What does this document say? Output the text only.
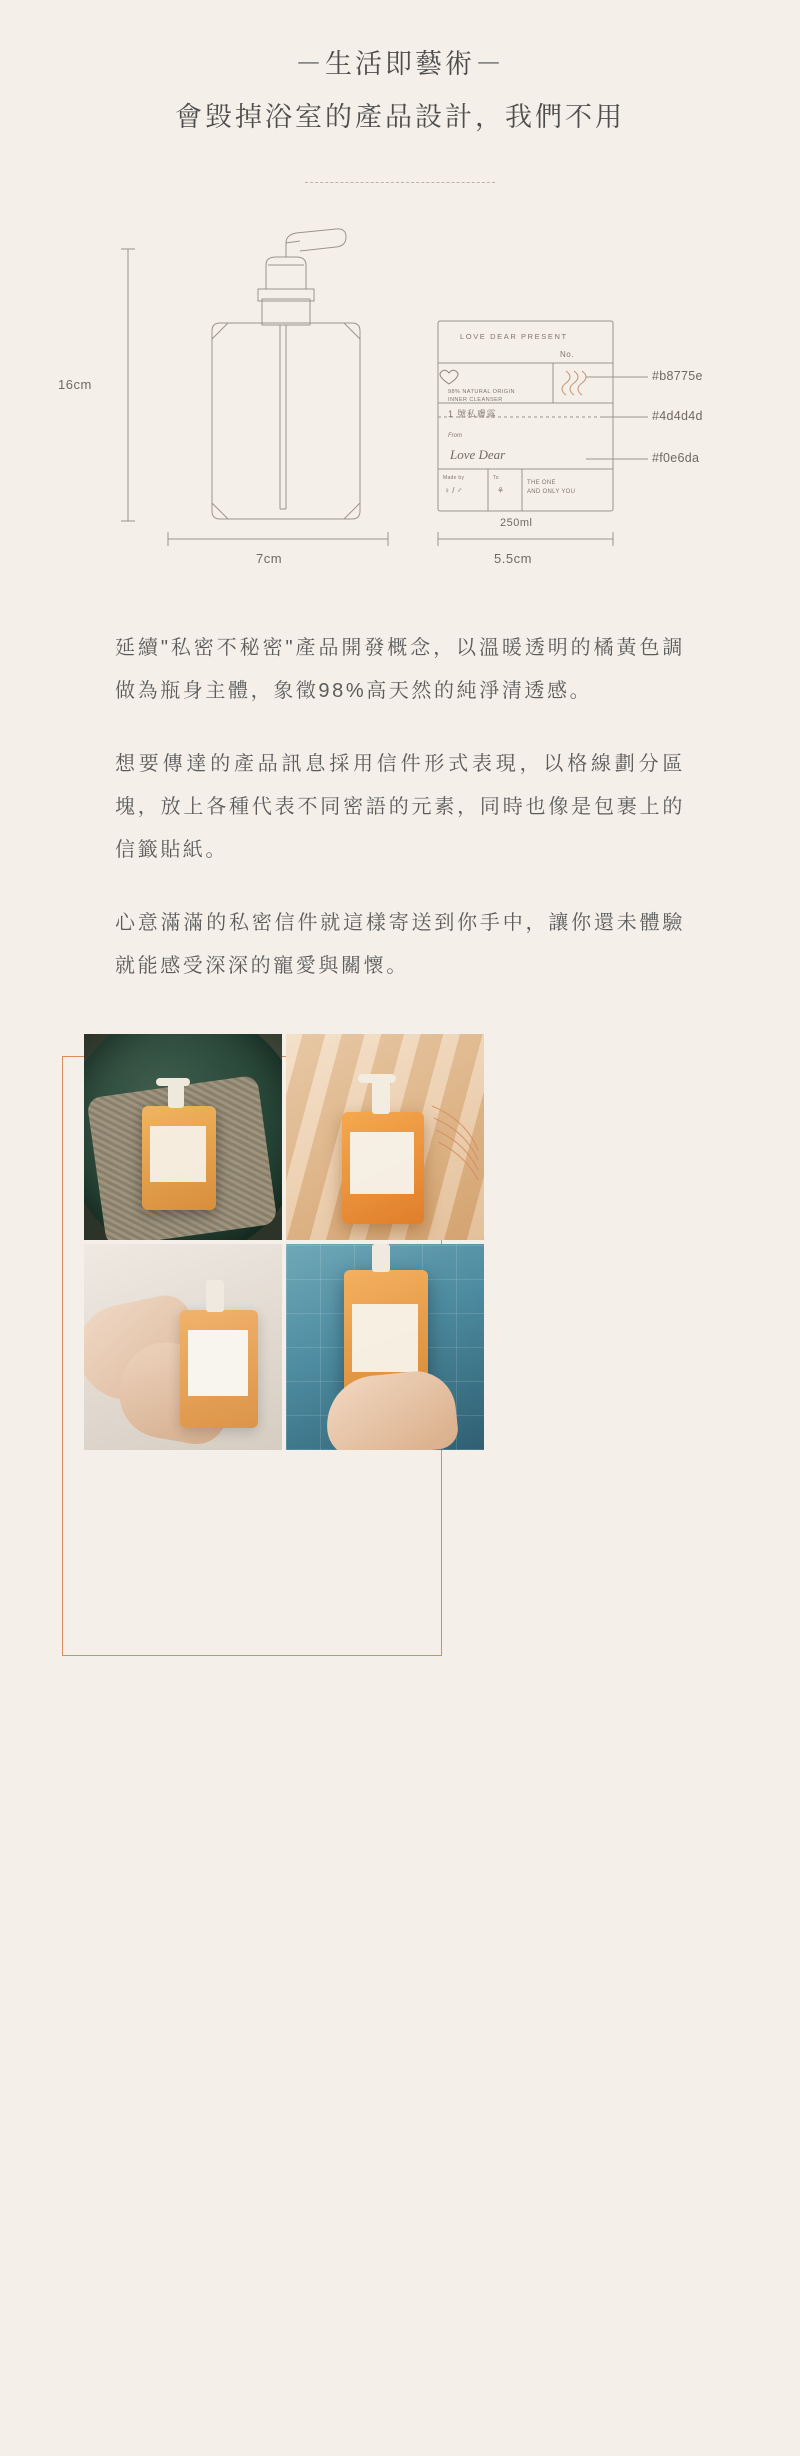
－生活即藝術－
會毀掉浴室的產品設計，我們不用
LOVE DEAR PRESENT
No.
98% NATURAL ORIGIN
INNER CLEANSER
1 號私膚露
From
Love Dear
Made by	To
THE ONE
AND ONLY YOU
♀ / ♂	⚘
16cm
7cm	5.5cm
250ml
#b8775e
#4d4d4d
#f0e6da

延續"私密不秘密"產品開發概念，以溫暖透明的橘黃色調做為瓶身主體，象徵98%高天然的純淨清透感。

想要傳達的產品訊息採用信件形式表現，以格線劃分區塊，放上各種代表不同密語的元素，同時也像是包裹上的信籤貼紙。

心意滿滿的私密信件就這樣寄送到你手中，讓你還未體驗就能感受深深的寵愛與關懷。
